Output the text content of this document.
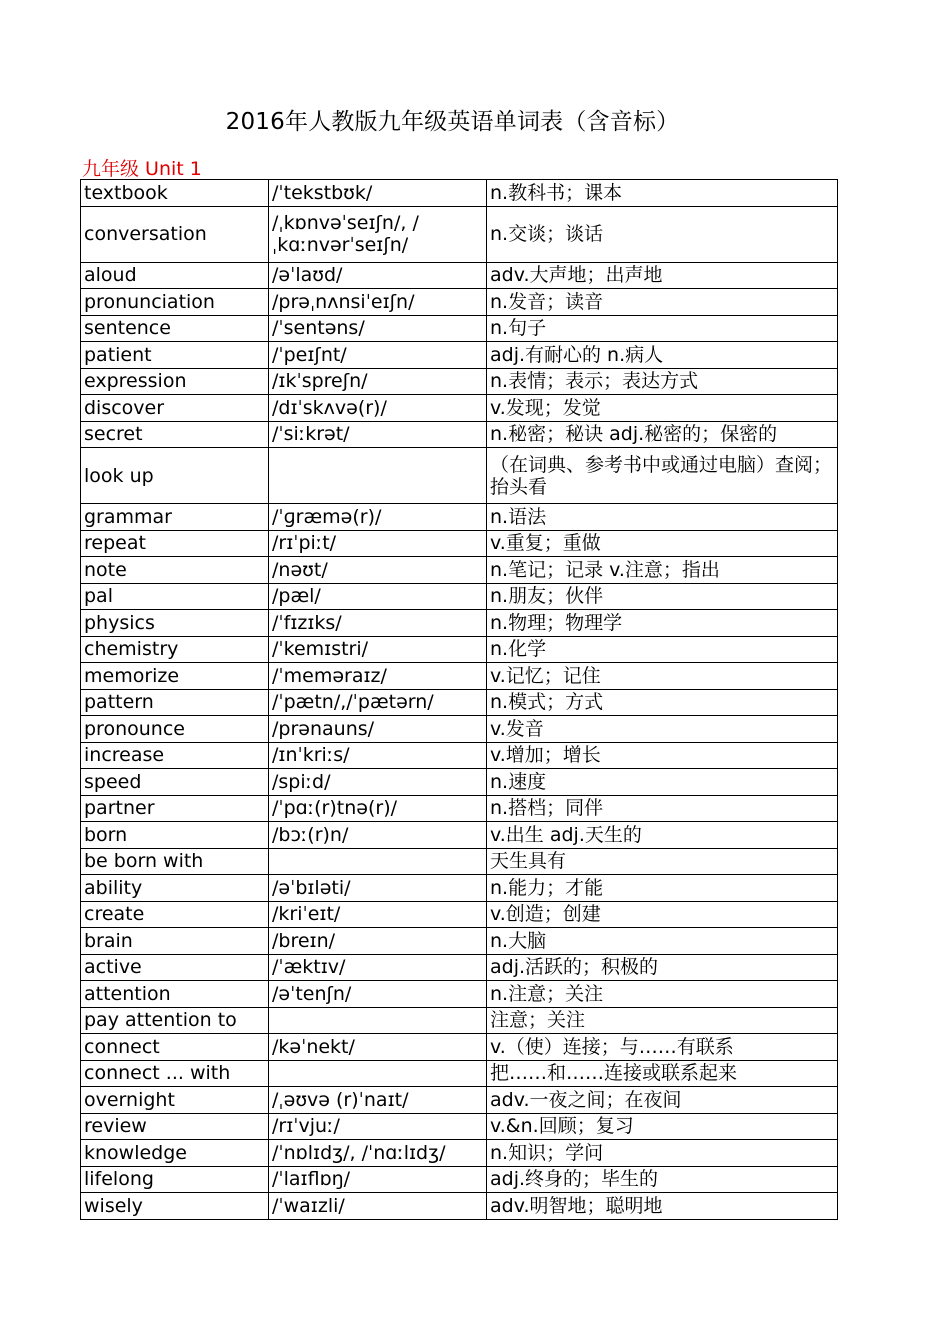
2016年人教版九年级英语单词表（含音标）
九年级 Unit 1
textbook	/ˈtekstbʊk/	n.教科书；课本
conversation	/ˌkɒnvəˈseɪʃn/, /ˌkɑːnvərˈseɪʃn/	n.交谈；谈话
aloud	/əˈlaʊd/	adv.大声地；出声地
pronunciation	/prəˌnʌnsiˈeɪʃn/	n.发音；读音
sentence	/ˈsentəns/	n.句子
patient	/ˈpeɪʃnt/	adj.有耐心的 n.病人
expression	/ɪkˈspreʃn/	n.表情；表示；表达方式
discover	/dɪˈskʌvə(r)/	v.发现；发觉
secret	/ˈsiːkrət/	n.秘密；秘诀 adj.秘密的；保密的
look up		（在词典、参考书中或通过电脑）查阅；抬头看
grammar	/ˈɡræmə(r)/	n.语法
repeat	/rɪˈpiːt/	v.重复；重做
note	/nəʊt/	n.笔记；记录 v.注意；指出
pal	/pæl/	n.朋友；伙伴
physics	/ˈfɪzɪks/	n.物理；物理学
chemistry	/ˈkemɪstri/	n.化学
memorize	/ˈmeməraɪz/	v.记忆；记住
pattern	/ˈpætn/,/ˈpætərn/	n.模式；方式
pronounce	/prənauns/	v.发音
increase	/ɪnˈkriːs/	v.增加；增长
speed	/spiːd/	n.速度
partner	/ˈpɑː(r)tnə(r)/	n.搭档；同伴
born	/bɔː(r)n/	v.出生 adj.天生的
be born with		天生具有
ability	/əˈbɪləti/	n.能力；才能
create	/kriˈeɪt/	v.创造；创建
brain	/breɪn/	n.大脑
active	/ˈæktɪv/	adj.活跃的；积极的
attention	/əˈtenʃn/	n.注意；关注
pay attention to		注意；关注
connect	/kəˈnekt/	v.（使）连接；与……有联系
connect ... with		把……和……连接或联系起来
overnight	/ˌəʊvə (r)ˈnaɪt/	adv.一夜之间；在夜间
review	/rɪˈvjuː/	v.&n.回顾；复习
knowledge	/ˈnɒlɪdʒ/, /ˈnɑːlɪdʒ/	n.知识；学问
lifelong	/ˈlaɪflɒŋ/	adj.终身的；毕生的
wisely	/ˈwaɪzli/	adv.明智地；聪明地
